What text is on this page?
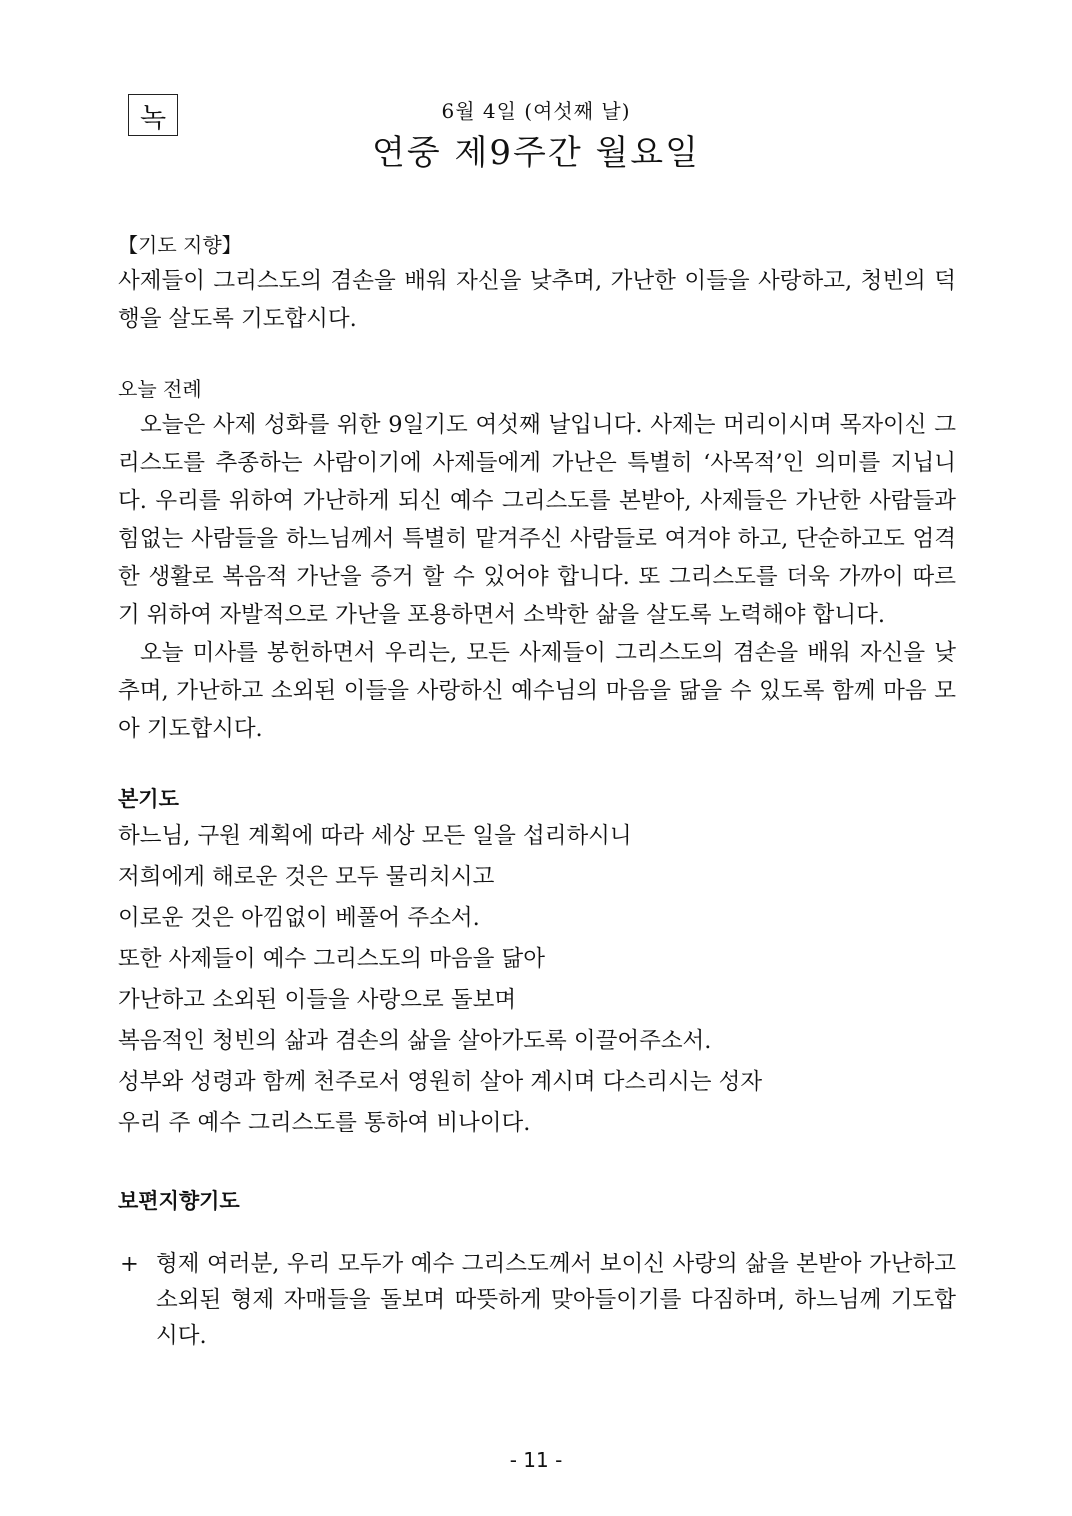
녹	6월 4일 (여섯째 날)
연중 제9주간 월요일
【기도 지향】

사제들이 그리스도의 겸손을 배워 자신을 낮추며, 가난한 이들을 사랑하고, 청빈의 덕행을 살도록 기도합시다.

오늘 전례

오늘은 사제 성화를 위한 9일기도 여섯째 날입니다. 사제는 머리이시며 목자이신 그리스도를 추종하는 사람이기에 사제들에게 가난은 특별히 ‘사목적’인 의미를 지닙니다. 우리를 위하여 가난하게 되신 예수 그리스도를 본받아, 사제들은 가난한 사람들과 힘없는 사람들을 하느님께서 특별히 맡겨주신 사람들로 여겨야 하고, 단순하고도 엄격한 생활로 복음적 가난을 증거 할 수 있어야 합니다. 또 그리스도를 더욱 가까이 따르기 위하여 자발적으로 가난을 포용하면서 소박한 삶을 살도록 노력해야 합니다.

오늘 미사를 봉헌하면서 우리는, 모든 사제들이 그리스도의 겸손을 배워 자신을 낮추며, 가난하고 소외된 이들을 사랑하신 예수님의 마음을 닮을 수 있도록 함께 마음 모아 기도합시다.

본기도

하느님, 구원 계획에 따라 세상 모든 일을 섭리하시니

저희에게 해로운 것은 모두 물리치시고

이로운 것은 아낌없이 베풀어 주소서.

또한 사제들이 예수 그리스도의 마음을 닮아

가난하고 소외된 이들을 사랑으로 돌보며

복음적인 청빈의 삶과 겸손의 삶을 살아가도록 이끌어주소서.

성부와 성령과 함께 천주로서 영원히 살아 계시며 다스리시는 성자

우리 주 예수 그리스도를 통하여 비나이다.

보편지향기도
+ 형제 여러분, 우리 모두가 예수 그리스도께서 보이신 사랑의 삶을 본받아 가난하고 소외된 형제 자매들을 돌보며 따뜻하게 맞아들이기를 다짐하며, 하느님께 기도합시다.
- 11 -
